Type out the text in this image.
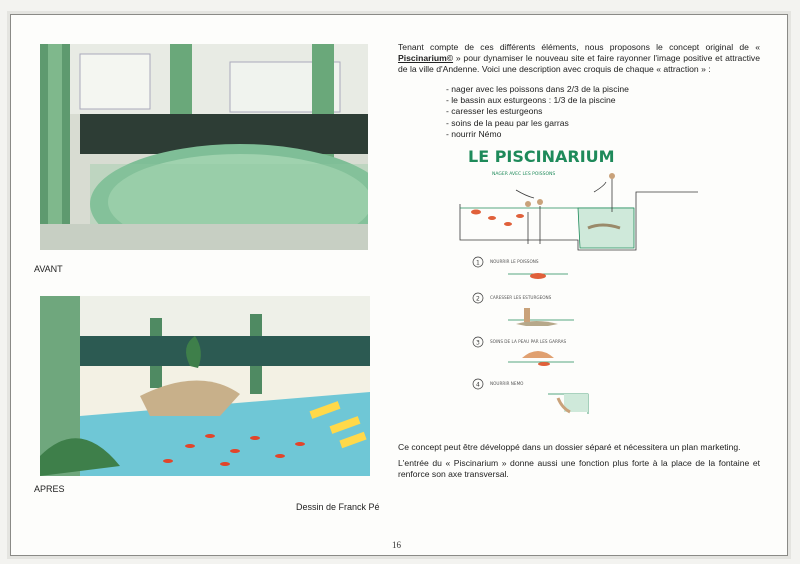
AVANT
APRES
Dessin de Franck Pé
Tenant compte de ces différents éléments, nous proposons le concept original de « Piscinarium© » pour dynamiser le nouveau site et faire rayonner l'image positive et attractive de la ville d'Andenne. Voici une description avec croquis de chaque « attraction » :
- nager avec les poissons dans 2/3 de la piscine
- le bassin aux esturgeons : 1/3 de la piscine
- caresser les esturgeons
- soins de la peau par les garras
- nourrir Némo
LE PISCINARIUM
NAGER AVEC LES POISSONS
1 NOURRIR LE POISSONS
2 CARESSER LES ESTURGEONS
3 SOINS DE LA PEAU PAR LES GARRAS
4 NOURRIR NEMO
Ce concept peut être développé dans un dossier séparé et nécessitera un plan marketing.
L'entrée du « Piscinarium » donne aussi une fonction plus forte à la place de la fontaine et renforce son axe transversal.
16
